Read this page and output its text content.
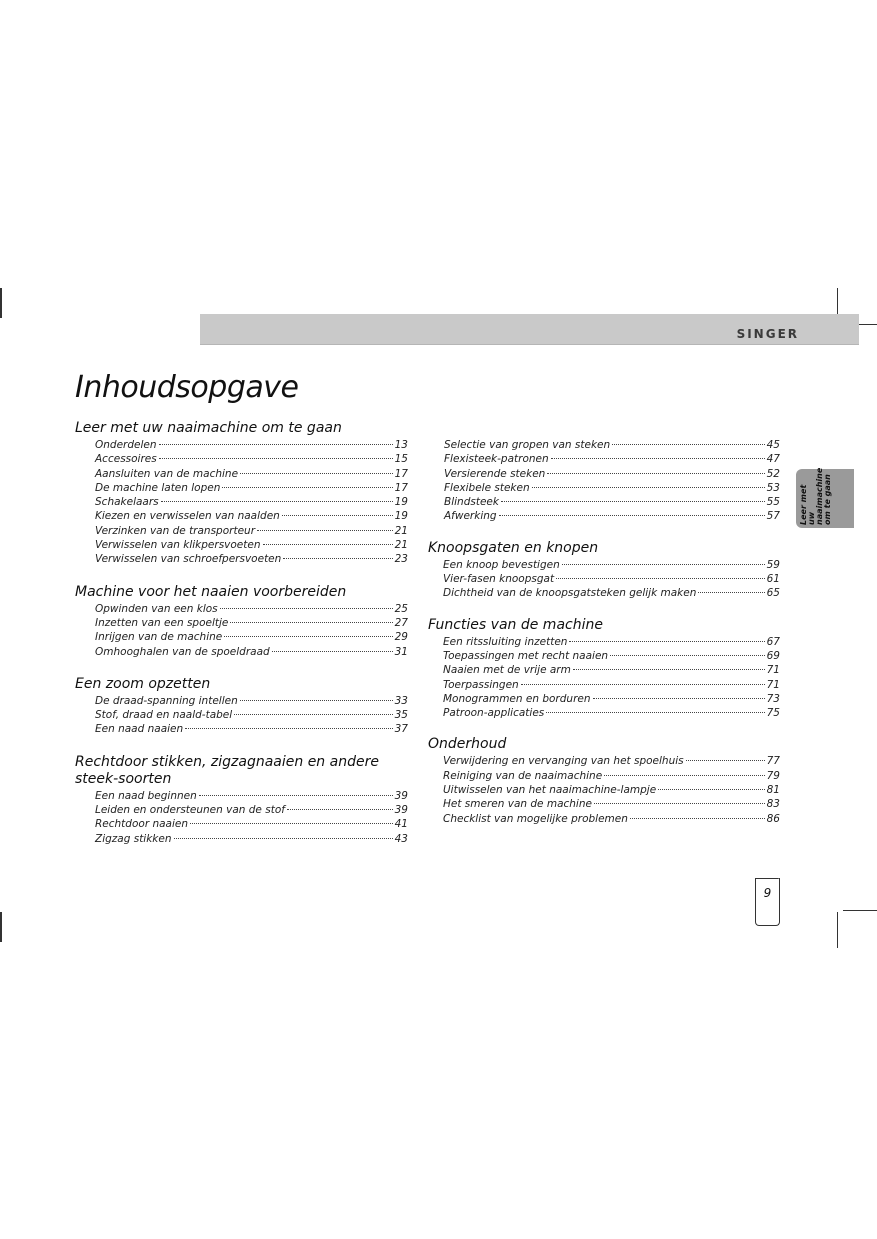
SINGER
Inhoudsopgave
Leer met uw naaimachine om te gaan
Onderdelen	13
Accessoires	15
Aansluiten van de machine	17
De machine laten lopen	17
Schakelaars	19
Kiezen en verwisselen van naalden	19
Verzinken van de transporteur	21
Verwisselen van klikpersvoeten	21
Verwisselen van schroefpersvoeten	23
Machine voor het naaien voorbereiden
Opwinden van een klos	25
Inzetten van een spoeltje	27
Inrijgen van de machine	29
Omhooghalen van de spoeldraad	31
Een zoom opzetten
De draad-spanning intellen	33
Stof, draad en naald-tabel	35
Een naad naaien	37
Rechtdoor stikken, zigzagnaaien en andere steek-soorten
Een naad beginnen	39
Leiden en ondersteunen van de stof	39
Rechtdoor naaien	41
Zigzag stikken	43
Selectie van gropen van steken	45
Flexisteek-patronen	47
Versierende steken	52
Flexibele steken	53
Blindsteek	55
Afwerking	57
Knoopsgaten en knopen
Een knoop bevestigen	59
Vier-fasen knoopsgat	61
Dichtheid van de knoopsgatsteken gelijk maken	65
Functies van de machine
Een ritssluiting inzetten	67
Toepassingen met recht naaien	69
Naaien met de vrije arm	71
Toerpassingen	71
Monogrammen en borduren	73
Patroon-applicaties	75
Onderhoud
Verwijdering en vervanging van het spoelhuis	77
Reiniging van de naaimachine	79
Uitwisselen van het naaimachine-lampje	81
Het smeren van de machine	83
Checklist van mogelijke problemen	86
Leer met uw naaimachine om te gaan
9
